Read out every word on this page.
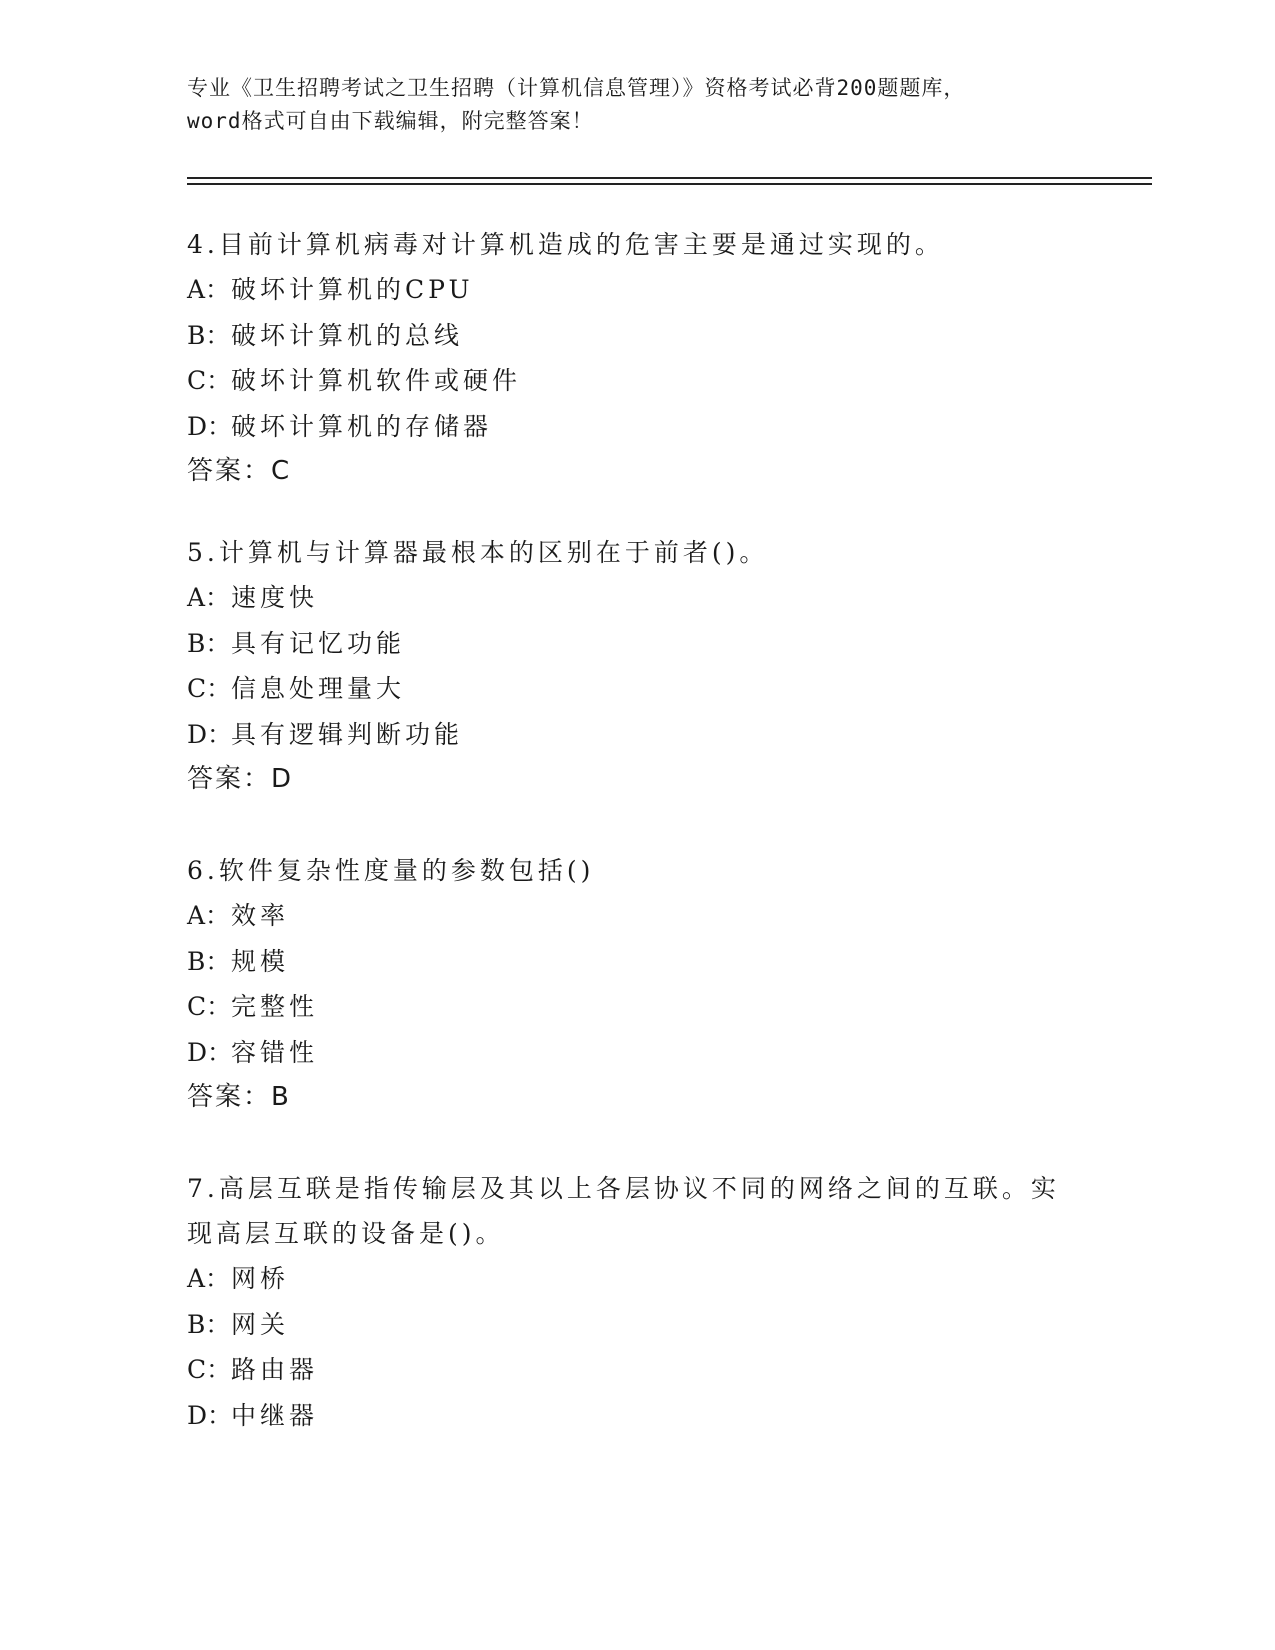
专业《卫生招聘考试之卫生招聘（计算机信息管理）》资格考试必背200题题库，
word格式可自由下载编辑，附完整答案！
4.目前计算机病毒对计算机造成的危害主要是通过实现的。
A：破坏计算机的CPU
B：破坏计算机的总线
C：破坏计算机软件或硬件
D：破坏计算机的存储器
答案：C
5.计算机与计算器最根本的区别在于前者()。
A：速度快
B：具有记忆功能
C：信息处理量大
D：具有逻辑判断功能
答案：D
6.软件复杂性度量的参数包括()
A：效率
B：规模
C：完整性
D：容错性
答案：B
7.高层互联是指传输层及其以上各层协议不同的网络之间的互联。实
现高层互联的设备是()。
A：网桥
B：网关
C：路由器
D：中继器
